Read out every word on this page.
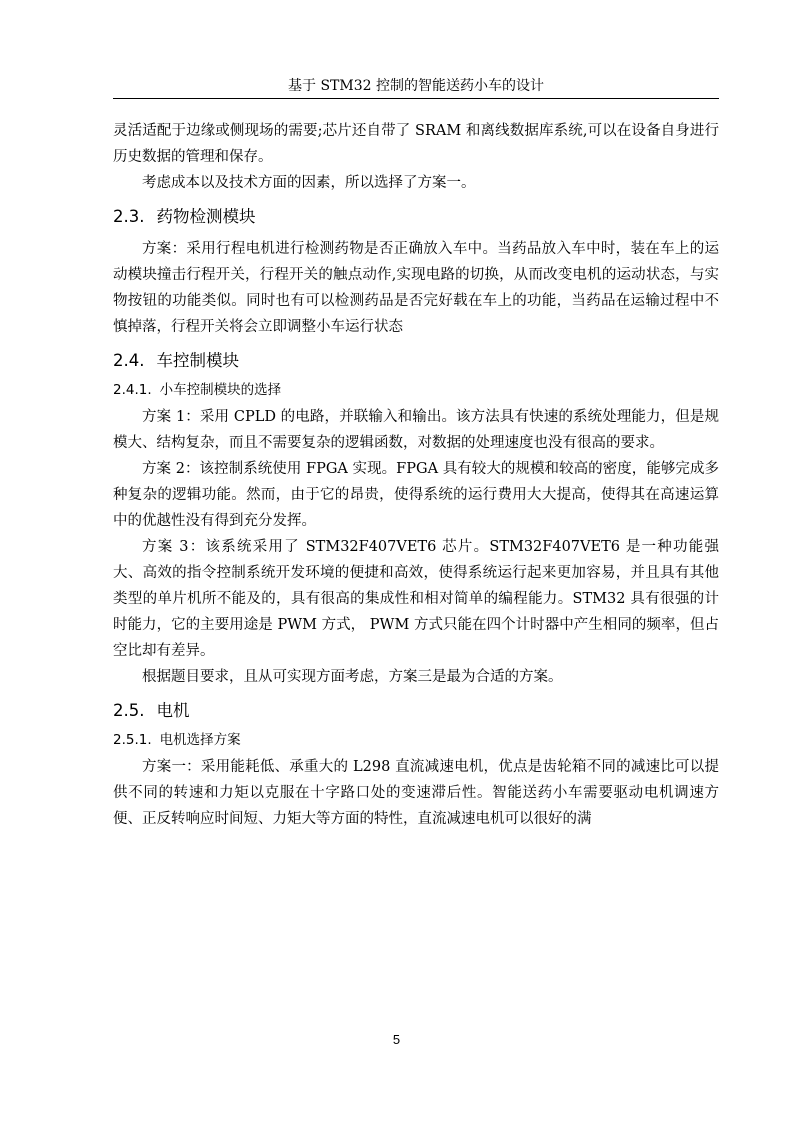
基于 STM32 控制的智能送药小车的设计

灵活适配于边缘或侧现场的需要;芯片还自带了 SRAM 和离线数据库系统,可以在设备自身进行历史数据的管理和保存。

考虑成本以及技术方面的因素，所以选择了方案一。

2.3. 药物检测模块

方案：采用行程电机进行检测药物是否正确放入车中。当药品放入车中时，装在车上的运动模块撞击行程开关，行程开关的触点动作,实现电路的切换，从而改变电机的运动状态，与实物按钮的功能类似。同时也有可以检测药品是否完好载在车上的功能，当药品在运输过程中不慎掉落，行程开关将会立即调整小车运行状态

2.4. 车控制模块
2.4.1. 小车控制模块的选择

方案 1：采用 CPLD 的电路，并联输入和输出。该方法具有快速的系统处理能力，但是规模大、结构复杂，而且不需要复杂的逻辑函数，对数据的处理速度也没有很高的要求。

方案 2：该控制系统使用 FPGA 实现。FPGA 具有较大的规模和较高的密度，能够完成多种复杂的逻辑功能。然而，由于它的昂贵，使得系统的运行费用大大提高，使得其在高速运算中的优越性没有得到充分发挥。

方案 3：该系统采用了 STM32F407VET6 芯片。STM32F407VET6 是一种功能强大、高效的指令控制系统开发环境的便捷和高效，使得系统运行起来更加容易，并且具有其他类型的单片机所不能及的，具有很高的集成性和相对简单的编程能力。STM32 具有很强的计时能力，它的主要用途是 PWM 方式， PWM 方式只能在四个计时器中产生相同的频率，但占空比却有差异。

根据题目要求，且从可实现方面考虑，方案三是最为合适的方案。

2.5. 电机
2.5.1. 电机选择方案

方案一：采用能耗低、承重大的 L298 直流减速电机，优点是齿轮箱不同的减速比可以提供不同的转速和力矩以克服在十字路口处的变速滞后性。智能送药小车需要驱动电机调速方便、正反转响应时间短、力矩大等方面的特性，直流减速电机可以很好的满

5
